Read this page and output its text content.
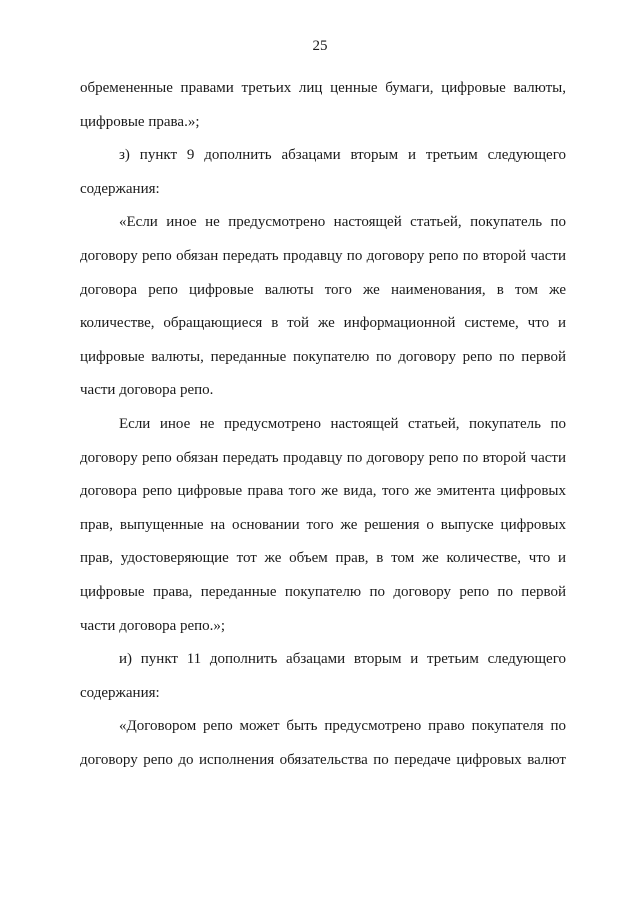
25

обремененные правами третьих лиц ценные бумаги, цифровые валюты, цифровые права.»;

з) пункт 9 дополнить абзацами вторым и третьим следующего содержания:

«Если иное не предусмотрено настоящей статьей, покупатель по договору репо обязан передать продавцу по договору репо по второй части договора репо цифровые валюты того же наименования, в том же количестве, обращающиеся в той же информационной системе, что и цифровые валюты, переданные покупателю по договору репо по первой части договора репо.

Если иное не предусмотрено настоящей статьей, покупатель по договору репо обязан передать продавцу по договору репо по второй части договора репо цифровые права того же вида, того же эмитента цифровых прав, выпущенные на основании того же решения о выпуске цифровых прав, удостоверяющие тот же объем прав, в том же количестве, что и цифровые права, переданные покупателю по договору репо по первой части договора репо.»;

и) пункт 11 дополнить абзацами вторым и третьим следующего содержания:

«Договором репо может быть предусмотрено право покупателя по договору репо до исполнения обязательства по передаче цифровых валют
